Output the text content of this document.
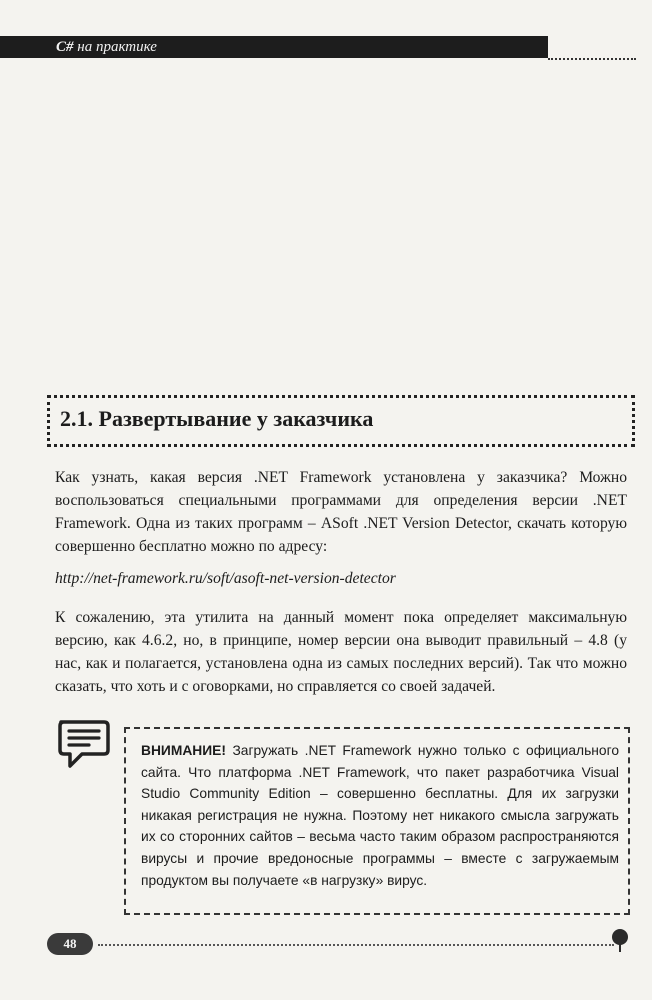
C# на практике
2.1. Развертывание у заказчика
Как узнать, какая версия .NET Framework установлена у заказчика? Можно воспользоваться специальными программами для определения версии .NET Framework. Одна из таких программ – ASoft .NET Version Detector, скачать которую совершенно бесплатно можно по адресу:
http://net-framework.ru/soft/asoft-net-version-detector
К сожалению, эта утилита на данный момент пока определяет максимальную версию, как 4.6.2, но, в принципе, номер версии она выводит правильный – 4.8 (у нас, как и полагается, установлена одна из самых последних версий). Так что можно сказать, что хоть и с оговорками, но справляется со своей задачей.
ВНИМАНИЕ! Загружать .NET Framework нужно только с официального сайта. Что платформа .NET Framework, что пакет разработчика Visual Studio Community Edition – совершенно бесплатны. Для их загрузки никакая регистрация не нужна. Поэтому нет никакого смысла загружать их со сторонних сайтов – весьма часто таким образом распространяются вирусы и прочие вредоносные программы – вместе с загружаемым продуктом вы получаете «в нагрузку» вирус.
48
